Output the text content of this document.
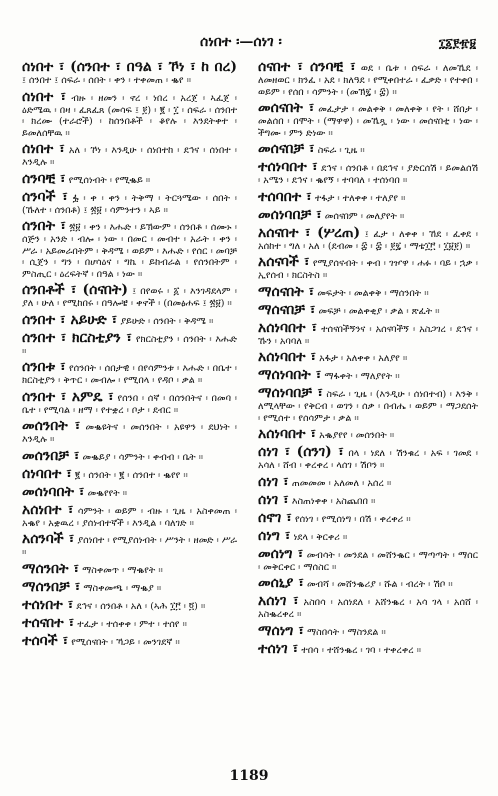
ሰነበተ ፡—ሰነገ ፡	፲፩፻፹፱
ሰነበተ ፣ (ሰንበተ ፣ በዓል ፣ ኾነ ፣ ከ በረ) ፤ ሰንበተ ፤ ሰፍራ ፡ ሰበት ፡ ቀን ፡ ተቀመጠ ፡ ቈየ ።
ሰነበተ ፣ ብዙ ፡ ዘመን ፡ ኖረ ፡ ነበረ ፡ አረጀ ፡ ኣፈጀ ፡ ዕድሜዉ ፡ በዛ ፡ ፈጸፈጸ (መሳፍ ፤ ፻) ፡ ፪ ፡ ፲ ፡ ሰፍራ ፡ ሰንበተ ፡ ክረሙ (ተራሮች) ፡ ከሰንበቶች ፡ ቆየሉ ፡ እንደትቀተ ፡ ይመለሰቸዉ ።
ሰነበተ ፣ አለ ፡ ኾነ ፡ እንዲሁ ፡ ሰነበተከ ፡ ደኅና ፡ ሰነበተ ፡ እንዲሉ ።
ሰንባቺ ፣ የሚሰነብት ፡ የሚቈይ ።
ሰንባች ፣ ፏ ፡ ቀ ፡ ቀን ፡ ትቅማ ፡ ትርጓሜው ፡ ሰበት ፡ (ኹለተ ፡ ሰንበቶ) ፤ ፳፱ ፡ ሳምንተን ፡ ኣይ ።
ሰንበት ፣ ፳፱ ፡ ቀን ፡ እሑድ ፡ ይኽውም ፡ ሰንበቶ ፡ ሰሙኑ ፡ ሰጅን ፡ አንድ ፡ ብሎ ፡ ነው ፡ በመር ፡ መብተ ፡ አራት ፡ ቀን ፡ ሥራ ፡ አይመራበትም ፡ ቅዳሜ ፡ ወይም ፡ እሑድ ፡ የሰር ፡ መባቻ ፡ ሲጀን ፡ ግን ፡ በሆሳዕና ፡ ግኬ ፡ ይከብራል ፡ የሰንበትም ፡ ምስጢር ፡ ዕረፍትኛ ፡ በዓል ፡ ነው ።
ሰንበቶች ፣ (ሰናበት) ፤ በየወሩ ፡ ፩ ፡ እንገዳደላም ፡ ያለ ፡ ሁለ ፡ የሚከበሩ ፡ በዓሎቼ ፡ ቀኖች ፡ (በመፅሐፍ ፤ ፳፱) ።
ሰንበተ ፣ አይሁድ ፣ ያይሁድ ፡ ሰንበት ፡ ቅዳሜ ።
ሰንበተ ፣ ክርስቲያን ፣ የክርስቲያን ፡ ሰንበት ፡ እሑድ ።
ሰንበቱ ፣ የሰንበት ፡ ሰበታዊ ፡ በየሳምንቱ ፡ እሑድ ፡ በቤተ ፡ ክርስቲያን ፡ ቅጥር ፡ መብሎ ፡ የሚበላ ፡ የዳቦ ፡ ቃል ።
ሰንበተ ፣ አምዴ ፣ የሰንበ ፡ ሰኛ ፡ በሰንበትና ፡ በመባ ፡ ቤተ ፡ የሚባል ፡ ዘማ ፡ የተቋረ ፡ ቦታ ፡ ደብር ።
መሰንበት ፣ መቈዩትና ፡ መሰንበት ፡ አዩዋን ፡ ደህነት ፡ እንዲሉ ።
መሰንበቻ ፣ መቈይያ ፡ ሳምንት ፡ ቀብብ ፡ ቤት ።
ሰነባበተ ፣ ፪ ፡ ሰንበት ፡ ፪ ፡ ሰንበተ ፡ ቈየየ ።
መሰነባበት ፣ መቈየየት ።
አሰነበተ ፣ ሳምንት ፡ ወይም ፡ ብዙ ፡ ጊዜ ፡ አስቀመጠ ፡ አቈየ ፡ አቋዉረ ፡ ያሰነብተኛች ፡ እንዲል ፡ ባለገድ ።
አሰንባች ፣ ያሰነበተ ፡ የሚያሰነብት ፡ ሥንት ፡ ዘመድ ፡ ሥራ ።
ማሰንበት ፣ ማስቀመጥ ፡ ማቈየት ።
ማሰንበቻ ፣ ማስቀመጫ ፡ ማቈያ ።
ተሰነበተ ፣ ደኅና ፡ ሰንበቶ ፡ አለ ፡ (ኣሕ ፲፫ ፡ ፬) ።
ተሰናበተ ፣ ተፈታ ፡ ተሰቀቀ ፡ ምተ ፡ ተሰየ ።
ተሰባች ፣ የሚሰናበት ፡ ኻጋይ ፡ መንገደኛ ።
ሰናበተ ፣ ሰንባቺ ፣ ወደ ፡ ቤቱ ፡ ሰፍራ ፡ ለመኼደ ፡ ለመዘወር ፡ ክንፈ ፡ አደ ፡ ክለዓደ ፡ የሚቀበተራ ፡ ፈቃድ ፡ የተቀበ ፡ ወይም ፡ የሰበ ፡ ሳምንት ፡ (መኽ፯ ፡ ፰) ።
መሰናበት ፣ መፈታታ ፡ መልቀቅ ፡ መለቀቅ ፡ የት ፡ ሸበታ ፡ መልሰበ ፡ በሞት ፡ (ማዋዋ) ፡ መኼጿ ፡ ነው ፡ መሰናበቲ ፡ ነው ፡ ችግሙ ፡ ምን ድነው ።
መሰናበቻ ፣ ስፍራ ፡ ጊዜ ።
ተሰነባበተ ፣ ደኅና ፡ ሰንበቶ ፡ በደኅና ፡ ያድርሰሽ ፡ ይመልሰሽ ፡ አሜን ፡ ደኅና ፡ ቈየኝ ፡ ተባባለ ፡ ተሰነባበ ።
ተሰባበተ ፣ ተፋታ ፡ ተለቀቀ ፡ ተለያየ ።
መሰነባበቻ ፣ መሰናበም ፡ መለያየት ።
አሰናበተ ፣ (ሦረጠ) ፤ ፈታ ፡ ለቀቀ ፡ ኸደ ፡ ፈቀደ ፡ አሰከተ ፡ ግለ ፡ አለ ፡ (ደብመ ፡ ፰ ፡ ፰ ፡ ፻፯ ፡ ማቴ፲፫ ፡ ፲፱፻) ።
አሰናባች ፣ የሚያሰናብት ፡ ቀብ ፡ ገዦዋ ፡ ሐፉ ፡ ባይ ፡ ኋቃ ፡ ኢየሰብ ፡ ክርስትስ ።
ማሰናበት ፣ መፍታት ፡ መልቀቅ ፡ ማሰንበት ።
ማሰናበቻ ፣ መፍቻ ፡ መልቀቂያ ፡ ቃል ፡ ጽፈት ።
አሰነባበተ ፣ ተሰናበችኝንና ፡ አሰናባችኝ ፡ አስጋገረ ፡ ደኅና ፡ ኹን ፡ አባባለ ።
አሰነባበተ ፣ አፋታ ፡ አለቀቀ ፡ አለያየ ።
ማሰነባበት ፣ ማፋቀት ፡ ማለያየት ።
ማሰነባበቻ ፣ ስፍራ ፡ ጊዜ ፡ (እንዲሁ ፡ ሰነበተብ) ፡ እንቅ ፡ ለሚላቸው ፡ የቅርብ ፡ ወገን ፡ ሰቃ ፡ በብሔ ፡ ወይም ፡ ማጋደሰት ፡ የሚሰተ ፡ የሰሳምታ ፡ ቃል ።
አሰነባበተ ፣ አቈያየየ ፡ መሰንበት ።
ሰነገ ፣ (ሰንገ) ፣ በላ ፡ ነደለ ፡ ሽንቁረ ፡ አፍ ፡ ገመደ ፡ አሳለ ፡ ሸብ ፡ ቀረቀረ ፡ ላሰገ ፡ ሽቦን ።
ሰነገ ፣ ጠመመመ ፡ አለመለ ፡ አሰረ ።
ሰነገ ፣ እስጠነቀቀ ፡ አስጨበበ ።
ሰኖገ ፣ የሰነገ ፡ የሚሰነግ ፡ በሽ ፡ ቀረቀሪ ።
ሰነግ ፣ ነደላ ፡ ቅርቀሪ ።
መሰነግ ፣ መብሳት ፡ መንደል ፡ መሸንቈር ፡ ማጣጣት ፡ ማሰር ፡ መቅርቀር ፡ ማሰስር ።
መሰኒያ ፣ መብሻ ፡ መሸንቈሪያ ፡ ሹል ፡ ብረት ፡ ሽቦ ።
አሰነገ ፣ አስበሳ ፡ አሰነደለ ፡ አሸንቈረ ፡ አሳ ገላ ፡ አሰሸ ፡ አስቈረቀረ ።
ማሰነግ ፣ ማስበሳት ፡ ማስንደል ።
ተሰነገ ፣ ተበሳ ፡ ተሸንቈረ ፡ ገባ ፡ ተቀረቀረ ።
1189
